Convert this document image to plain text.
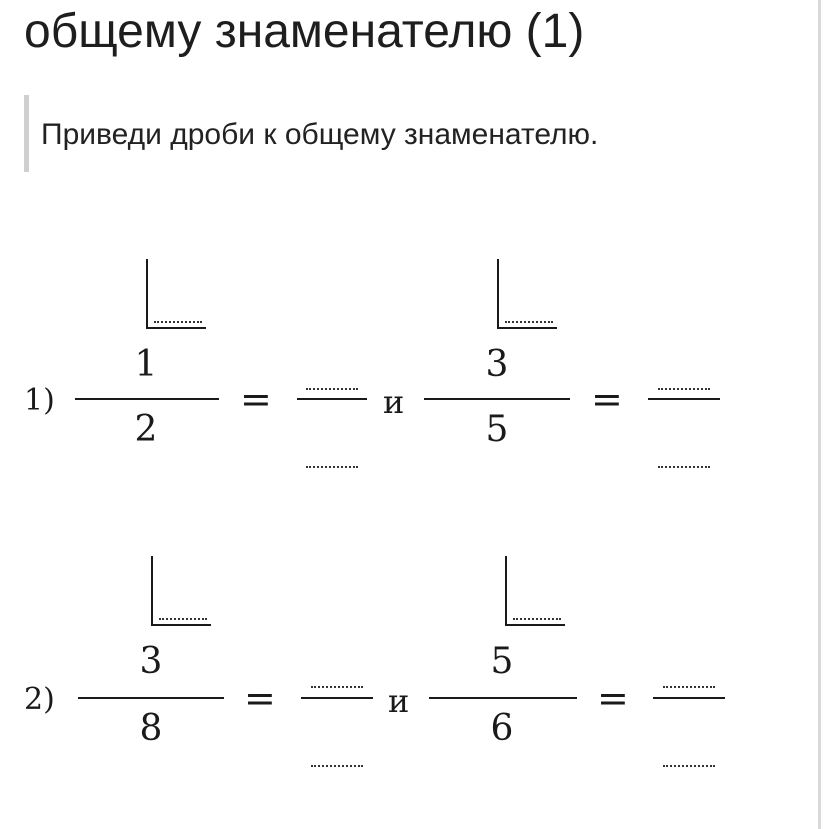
общему знаменателю (1)
Приведи дроби к общему знаменателю.
1)
1
2
=	и
3
5
=
2)
3
8
=	и
5
6
=
